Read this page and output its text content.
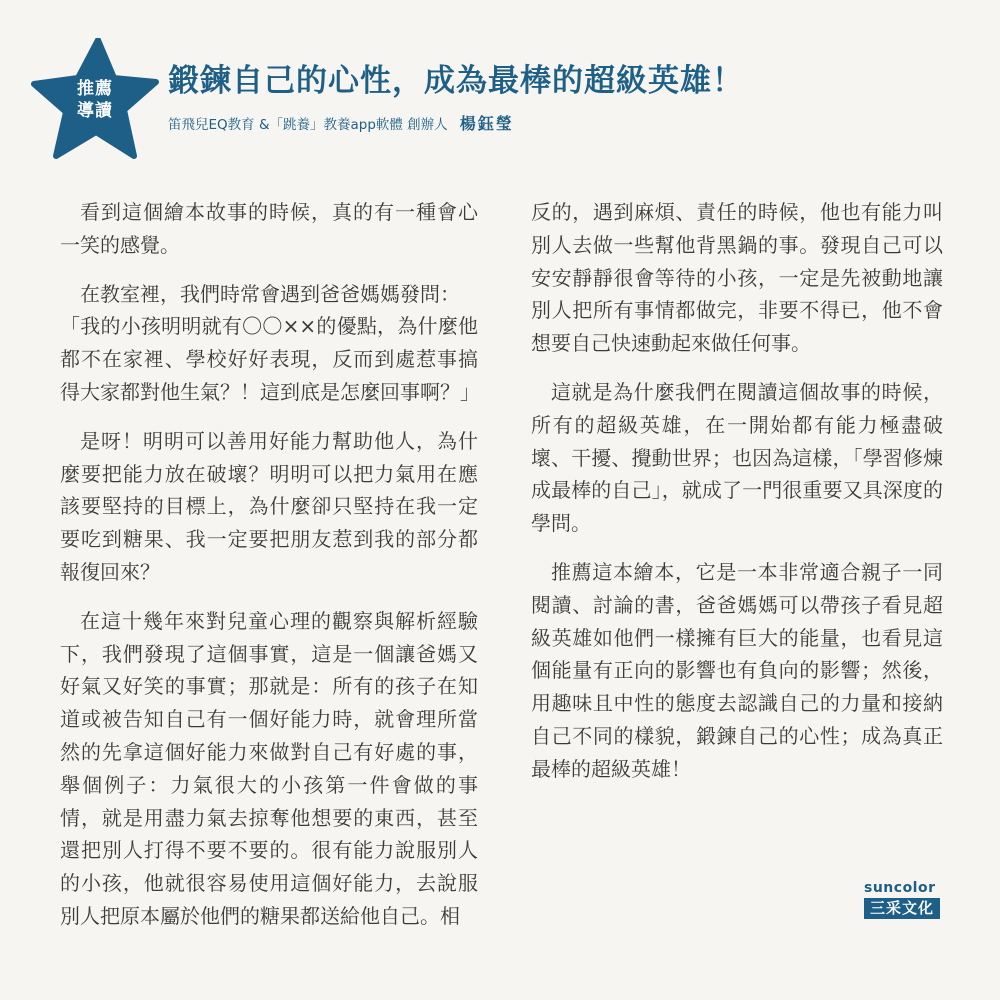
推薦
導讀
鍛鍊自己的心性，成為最棒的超級英雄！
笛飛兒EQ教育 &「跳養」教養app軟體 創辦人 楊鈺瑩

看到這個繪本故事的時候，真的有一種會心一笑的感覺。

在教室裡，我們時常會遇到爸爸媽媽發問：

「我的小孩明明就有〇〇××的優點，為什麼他都不在家裡、學校好好表現，反而到處惹事搞得大家都對他生氣？！這到底是怎麼回事啊？」

是呀！明明可以善用好能力幫助他人，為什麼要把能力放在破壞？明明可以把力氣用在應該要堅持的目標上，為什麼卻只堅持在我一定要吃到糖果、我一定要把朋友惹到我的部分都報復回來？

在這十幾年來對兒童心理的觀察與解析經驗下，我們發現了這個事實，這是一個讓爸媽又好氣又好笑的事實；那就是：所有的孩子在知道或被告知自己有一個好能力時，就會理所當然的先拿這個好能力來做對自己有好處的事，舉個例子：力氣很大的小孩第一件會做的事情，就是用盡力氣去掠奪他想要的東西，甚至還把別人打得不要不要的。很有能力說服別人的小孩，他就很容易使用這個好能力，去說服別人把原本屬於他們的糖果都送給他自己。相

反的，遇到麻煩、責任的時候，他也有能力叫別人去做一些幫他背黑鍋的事。發現自己可以安安靜靜很會等待的小孩，一定是先被動地讓別人把所有事情都做完，非要不得已，他不會想要自己快速動起來做任何事。

這就是為什麼我們在閱讀這個故事的時候，所有的超級英雄，在一開始都有能力極盡破壞、干擾、攪動世界；也因為這樣，「學習修煉成最棒的自己」，就成了一門很重要又具深度的學問。

推薦這本繪本，它是一本非常適合親子一同閱讀、討論的書，爸爸媽媽可以帶孩子看見超級英雄如他們一樣擁有巨大的能量，也看見這個能量有正向的影響也有負向的影響；然後，用趣味且中性的態度去認識自己的力量和接納自己不同的樣貌，鍛鍊自己的心性；成為真正最棒的超級英雄！

suncolor
三采文化
